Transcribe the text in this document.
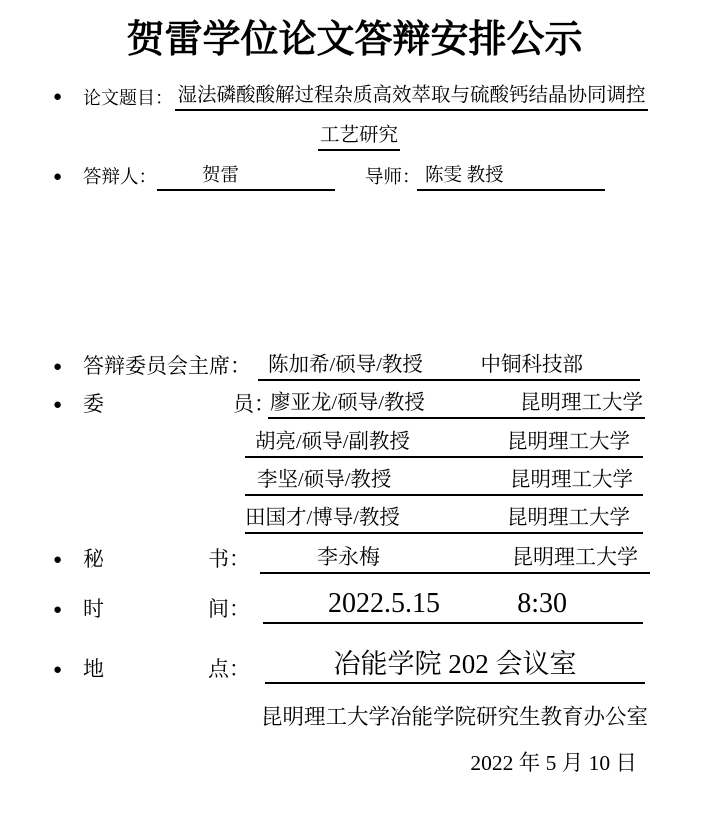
贺雷学位论文答辩安排公示
● 论文题目： 湿法磷酸酸解过程杂质高效萃取与硫酸钙结晶协同调控
工艺研究
● 答辩人：	贺雷	导师： 陈雯 教授
● 答辩委员会主席： 陈加希/硕导/教授	中铜科技部
● 委	员：
廖亚龙/硕导/教授	昆明理工大学
胡亮/硕导/副教授	昆明理工大学
李坚/硕导/教授	昆明理工大学
田国才/博导/教授	昆明理工大学
● 秘	书：	李永梅	昆明理工大学
● 时	间：	2022.5.15	8:30
● 地	点：	冶能学院 202 会议室
昆明理工大学冶能学院研究生教育办公室
2022 年 5 月 10 日
